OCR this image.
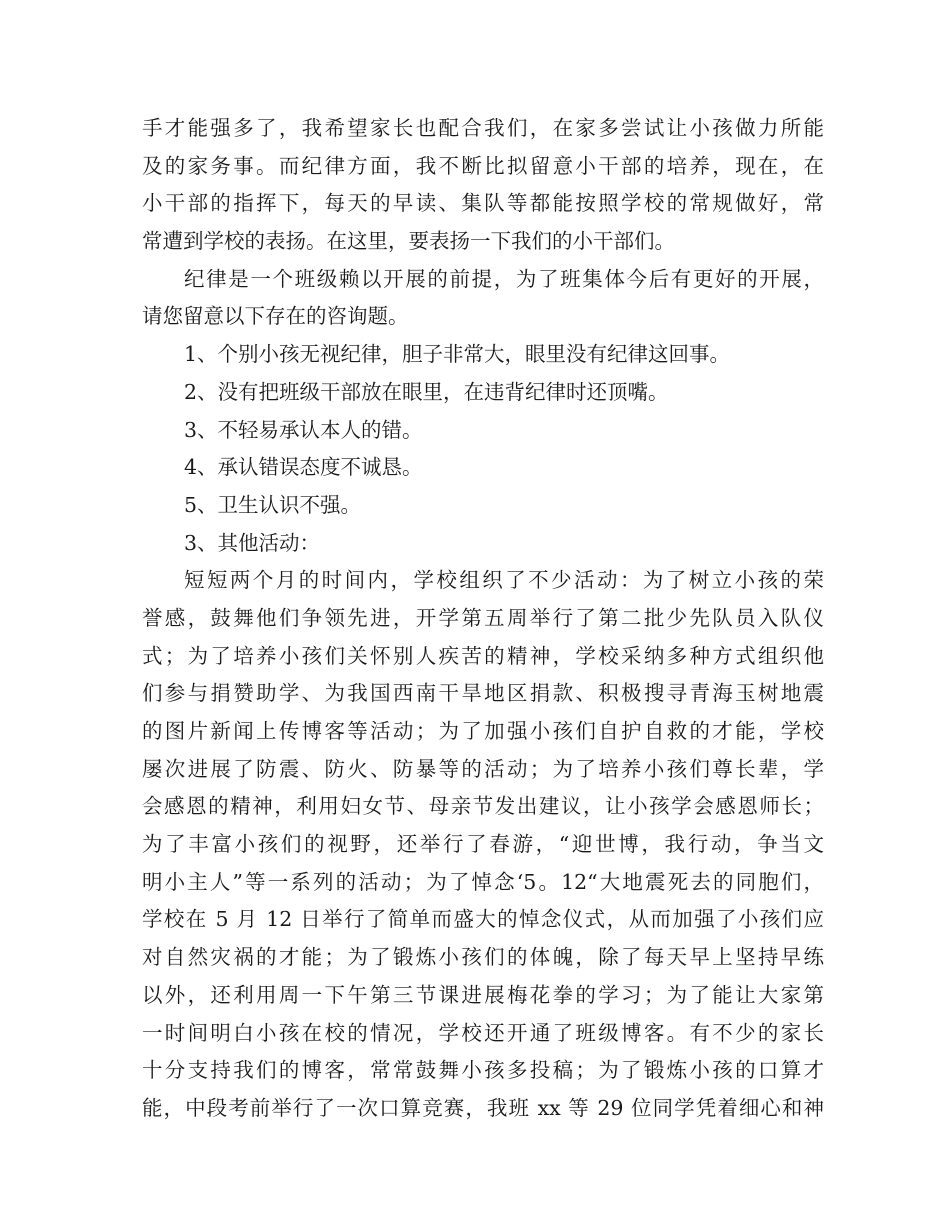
手才能强多了，我希望家长也配合我们，在家多尝试让小孩做力所能
及的家务事。而纪律方面，我不断比拟留意小干部的培养，现在，在
小干部的指挥下，每天的早读、集队等都能按照学校的常规做好，常
常遭到学校的表扬。在这里，要表扬一下我们的小干部们。
纪律是一个班级赖以开展的前提，为了班集体今后有更好的开展，
请您留意以下存在的咨询题。
1、个别小孩无视纪律，胆子非常大，眼里没有纪律这回事。
2、没有把班级干部放在眼里，在违背纪律时还顶嘴。
3、不轻易承认本人的错。
4、承认错误态度不诚恳。
5、卫生认识不强。
3、其他活动：
短短两个月的时间内，学校组织了不少活动：为了树立小孩的荣
誉感，鼓舞他们争领先进，开学第五周举行了第二批少先队员入队仪
式；为了培养小孩们关怀别人疾苦的精神，学校采纳多种方式组织他
们参与捐赞助学、为我国西南干旱地区捐款、积极搜寻青海玉树地震
的图片新闻上传博客等活动；为了加强小孩们自护自救的才能，学校
屡次进展了防震、防火、防暴等的活动；为了培养小孩们尊长辈，学
会感恩的精神，利用妇女节、母亲节发出建议，让小孩学会感恩师长；
为了丰富小孩们的视野，还举行了春游，“迎世博，我行动，争当文
明小主人”等一系列的活动；为了悼念‘5。12“大地震死去的同胞们，
学校在 5 月 12 日举行了简单而盛大的悼念仪式，从而加强了小孩们应
对自然灾祸的才能；为了锻炼小孩们的体魄，除了每天早上坚持早练
以外，还利用周一下午第三节课进展梅花拳的学习；为了能让大家第
一时间明白小孩在校的情况，学校还开通了班级博客。有不少的家长
十分支持我们的博客，常常鼓舞小孩多投稿；为了锻炼小孩的口算才
能，中段考前举行了一次口算竞赛，我班 xx 等 29 位同学凭着细心和神
